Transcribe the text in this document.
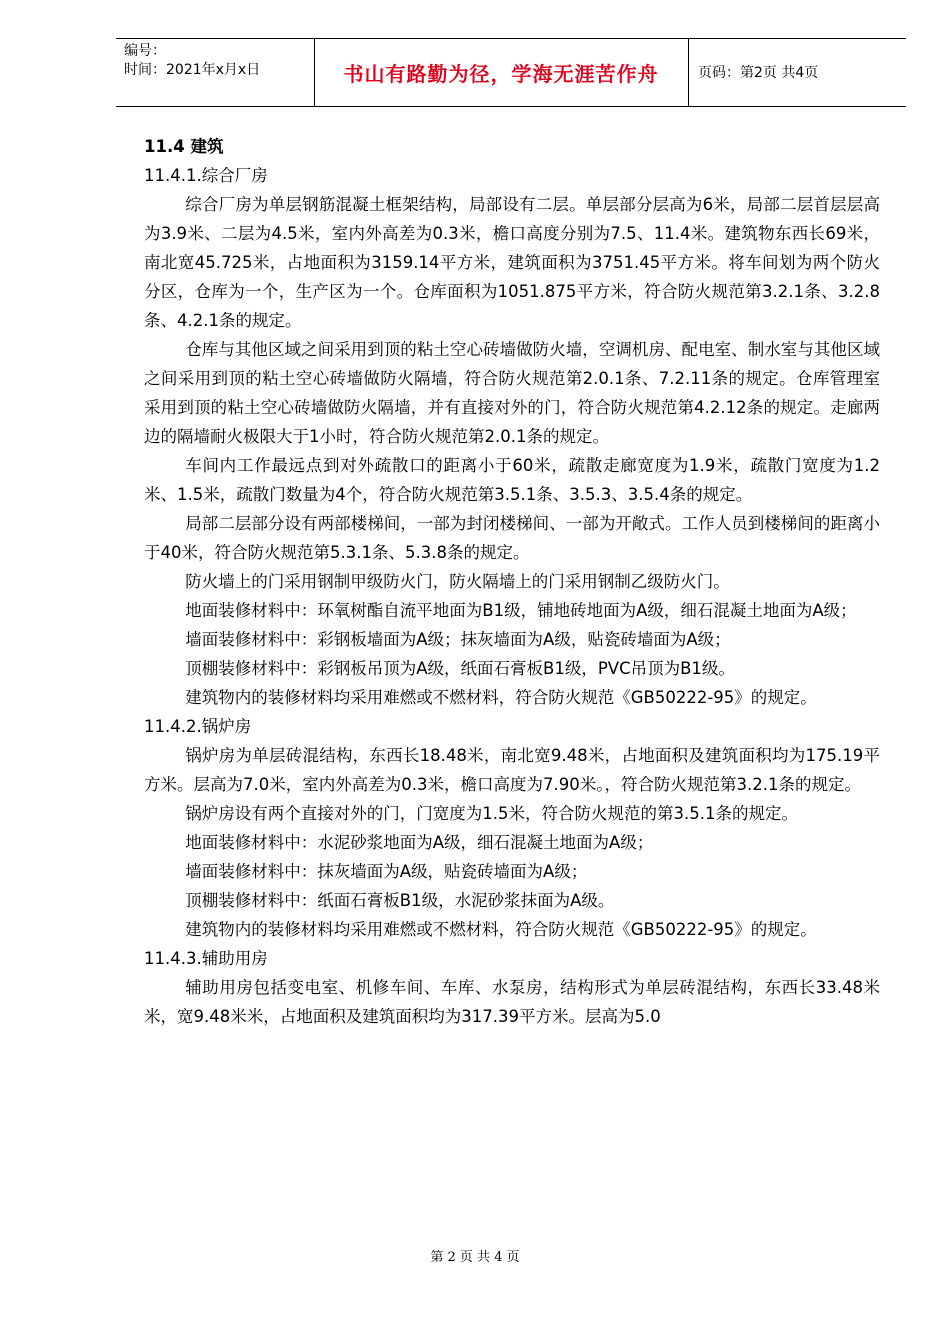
编号：
时间：2021年x月x日	书山有路勤为径，学海无涯苦作舟	页码：第2页 共4页
11.4 建筑
11.4.1.综合厂房

综合厂房为单层钢筋混凝土框架结构，局部设有二层。单层部分层高为6米，局部二层首层层高为3.9米、二层为4.5米，室内外高差为0.3米，檐口高度分别为7.5、11.4米。建筑物东西长69米，南北宽45.725米，占地面积为3159.14平方米，建筑面积为3751.45平方米。将车间划为两个防火分区，仓库为一个，生产区为一个。仓库面积为1051.875平方米，符合防火规范第3.2.1条、3.2.8条、4.2.1条的规定。

仓库与其他区域之间采用到顶的粘土空心砖墙做防火墙，空调机房、配电室、制水室与其他区域之间采用到顶的粘土空心砖墙做防火隔墙，符合防火规范第2.0.1条、7.2.11条的规定。仓库管理室采用到顶的粘土空心砖墙做防火隔墙，并有直接对外的门，符合防火规范第4.2.12条的规定。走廊两边的隔墙耐火极限大于1小时，符合防火规范第2.0.1条的规定。

车间内工作最远点到对外疏散口的距离小于60米，疏散走廊宽度为1.9米，疏散门宽度为1.2米、1.5米，疏散门数量为4个，符合防火规范第3.5.1条、3.5.3、3.5.4条的规定。

局部二层部分设有两部楼梯间，一部为封闭楼梯间、一部为开敞式。工作人员到楼梯间的距离小于40米，符合防火规范第5.3.1条、5.3.8条的规定。

防火墙上的门采用钢制甲级防火门，防火隔墙上的门采用钢制乙级防火门。

地面装修材料中：环氧树酯自流平地面为B1级，铺地砖地面为A级，细石混凝土地面为A级；

墙面装修材料中：彩钢板墙面为A级；抹灰墙面为A级，贴瓷砖墙面为A级；

顶棚装修材料中：彩钢板吊顶为A级，纸面石膏板B1级，PVC吊顶为B1级。

建筑物内的装修材料均采用难燃或不燃材料，符合防火规范《GB50222-95》的规定。

11.4.2.锅炉房

锅炉房为单层砖混结构，东西长18.48米，南北宽9.48米，占地面积及建筑面积均为175.19平方米。层高为7.0米，室内外高差为0.3米，檐口高度为7.90米。，符合防火规范第3.2.1条的规定。

锅炉房设有两个直接对外的门，门宽度为1.5米，符合防火规范的第3.5.1条的规定。

地面装修材料中：水泥砂浆地面为A级，细石混凝土地面为A级；

墙面装修材料中：抹灰墙面为A级，贴瓷砖墙面为A级；

顶棚装修材料中：纸面石膏板B1级，水泥砂浆抹面为A级。

建筑物内的装修材料均采用难燃或不燃材料，符合防火规范《GB50222-95》的规定。

11.4.3.辅助用房

辅助用房包括变电室、机修车间、车库、水泵房，结构形式为单层砖混结构，东西长33.48米米，宽9.48米米，占地面积及建筑面积均为317.39平方米。层高为5.0

第 2 页 共 4 页
